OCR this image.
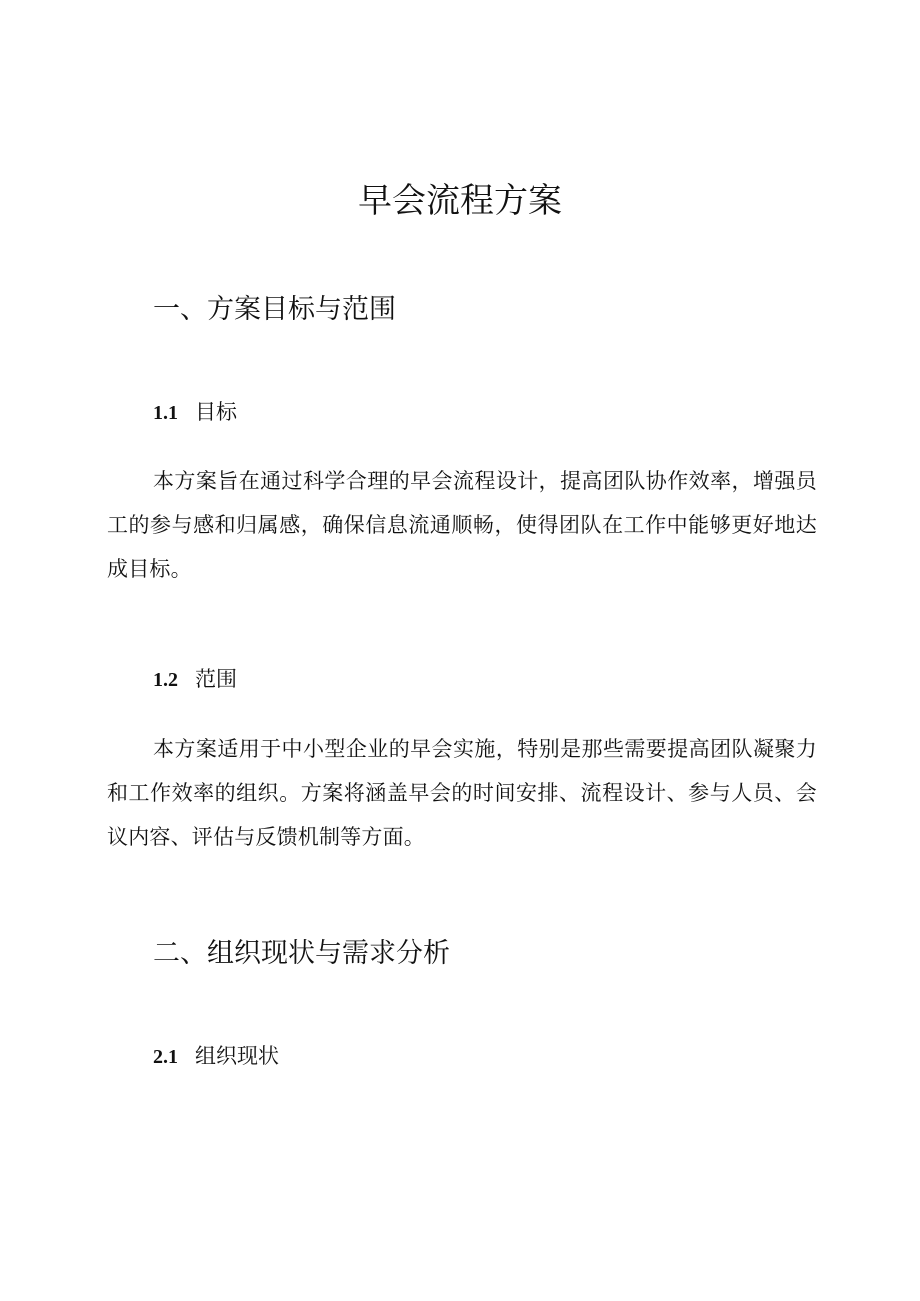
早会流程方案
一、方案目标与范围
1.1 目标

本方案旨在通过科学合理的早会流程设计，提高团队协作效率，增强员工的参与感和归属感，确保信息流通顺畅，使得团队在工作中能够更好地达成目标。

1.2 范围

本方案适用于中小型企业的早会实施，特别是那些需要提高团队凝聚力和工作效率的组织。方案将涵盖早会的时间安排、流程设计、参与人员、会议内容、评估与反馈机制等方面。

二、组织现状与需求分析
2.1 组织现状
